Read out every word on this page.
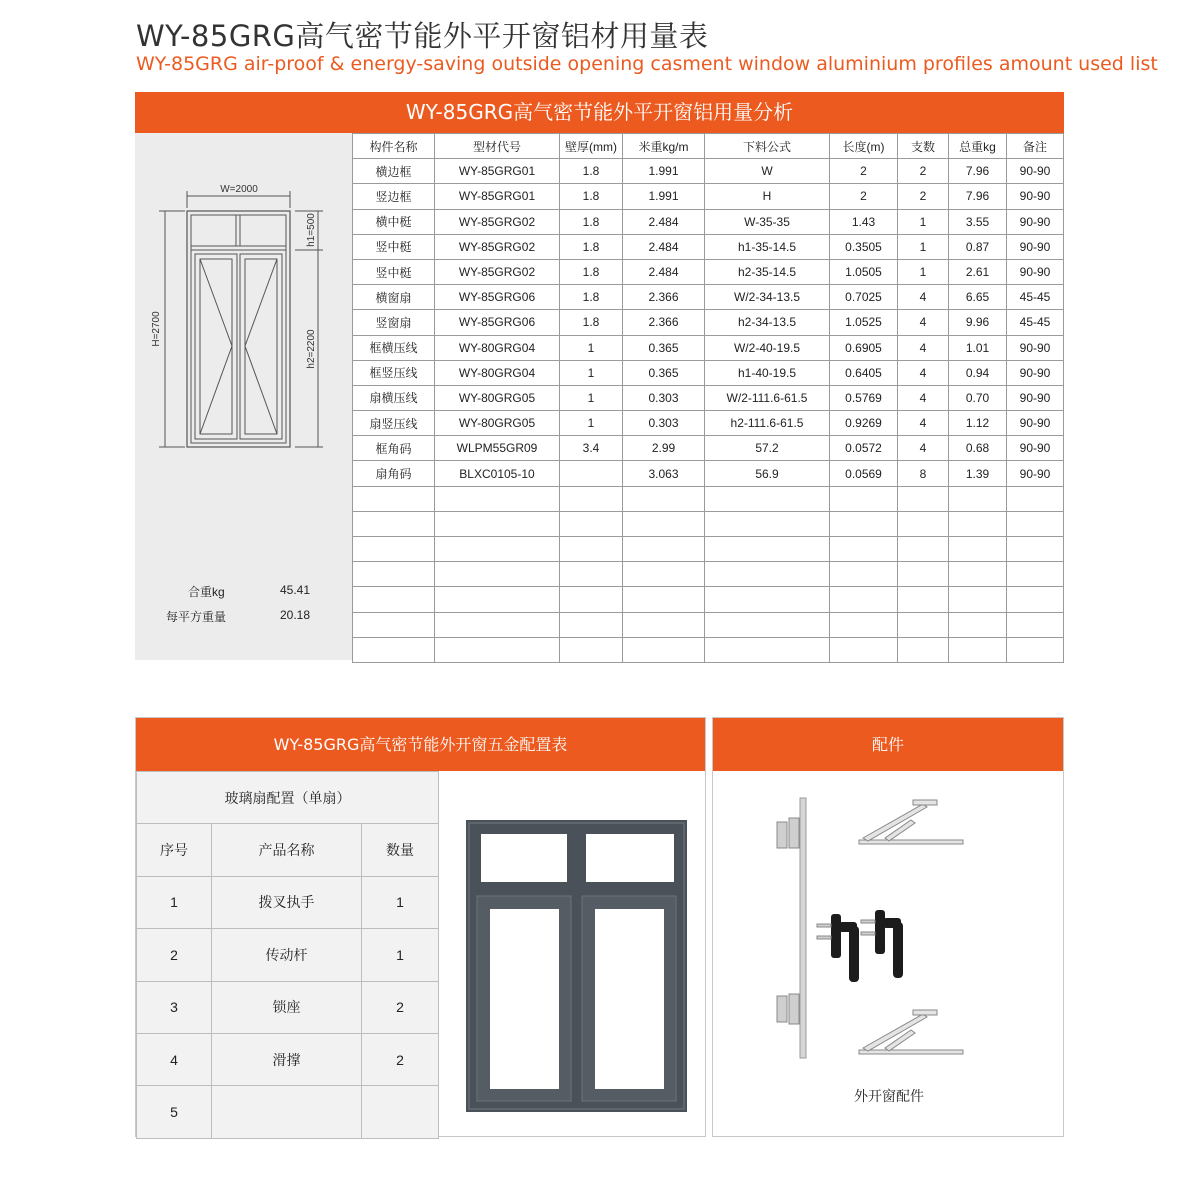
WY-85GRG高气密节能外平开窗铝材用量表
WY-85GRG air-proof & energy-saving outside opening casment window aluminium profiles amount used list
WY-85GRG高气密节能外平开窗铝用量分析
W=2000
H=2700
h1=500
h2=2200
合重kg	45.41
每平方重量	20.18
构件名称	型材代号	壁厚(mm)	米重kg/m	下料公式	长度(m)	支数	总重kg	备注
横边框	WY-85GRG01	1.8	1.991	W	2	2	7.96	90-90
竖边框	WY-85GRG01	1.8	1.991	H	2	2	7.96	90-90
横中梃	WY-85GRG02	1.8	2.484	W-35-35	1.43	1	3.55	90-90
竖中梃	WY-85GRG02	1.8	2.484	h1-35-14.5	0.3505	1	0.87	90-90
竖中梃	WY-85GRG02	1.8	2.484	h2-35-14.5	1.0505	1	2.61	90-90
横窗扇	WY-85GRG06	1.8	2.366	W/2-34-13.5	0.7025	4	6.65	45-45
竖窗扇	WY-85GRG06	1.8	2.366	h2-34-13.5	1.0525	4	9.96	45-45
框横压线	WY-80GRG04	1	0.365	W/2-40-19.5	0.6905	4	1.01	90-90
框竖压线	WY-80GRG04	1	0.365	h1-40-19.5	0.6405	4	0.94	90-90
扇横压线	WY-80GRG05	1	0.303	W/2-111.6-61.5	0.5769	4	0.70	90-90
扇竖压线	WY-80GRG05	1	0.303	h2-111.6-61.5	0.9269	4	1.12	90-90
框角码	WLPM55GR09	3.4	2.99	57.2	0.0572	4	0.68	90-90
扇角码	BLXC0105-10		3.063	56.9	0.0569	8	1.39	90-90

WY-85GRG高气密节能外开窗五金配置表
玻璃扇配置（单扇）		
序号	产品名称	数量
1	拨叉执手	1
2	传动杆	1
3	锁座	2
4	滑撑	2
5		
配件
外开窗配件
